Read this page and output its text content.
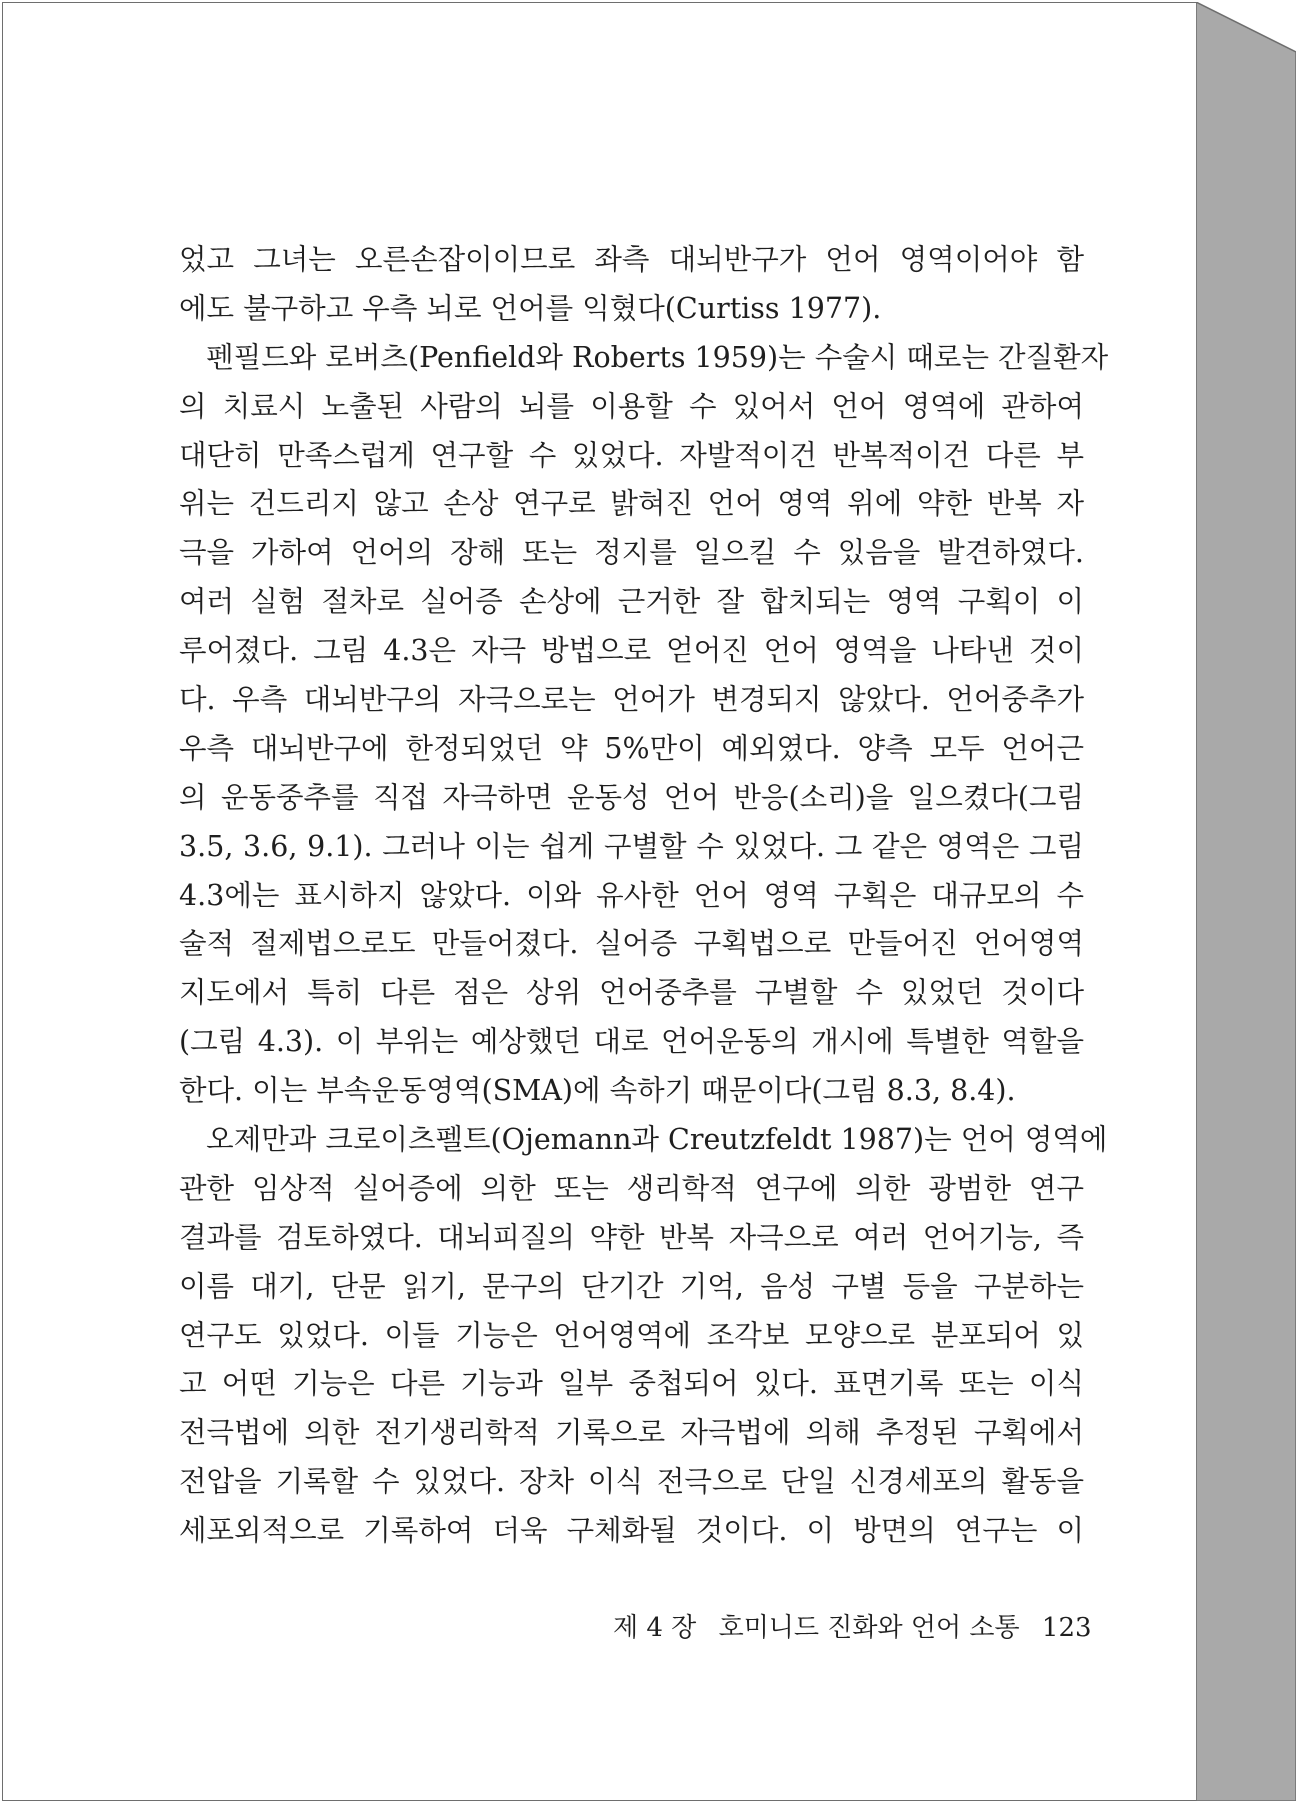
었고 그녀는 오른손잡이이므로 좌측 대뇌반구가 언어 영역이어야 함
에도 불구하고 우측 뇌로 언어를 익혔다(Curtiss 1977).
펜필드와 로버츠(Penfield와 Roberts 1959)는 수술시 때로는 간질환자
의 치료시 노출된 사람의 뇌를 이용할 수 있어서 언어 영역에 관하여
대단히 만족스럽게 연구할 수 있었다. 자발적이건 반복적이건 다른 부
위는 건드리지 않고 손상 연구로 밝혀진 언어 영역 위에 약한 반복 자
극을 가하여 언어의 장해 또는 정지를 일으킬 수 있음을 발견하였다.
여러 실험 절차로 실어증 손상에 근거한 잘 합치되는 영역 구획이 이
루어졌다. 그림 4.3은 자극 방법으로 얻어진 언어 영역을 나타낸 것이
다. 우측 대뇌반구의 자극으로는 언어가 변경되지 않았다. 언어중추가
우측 대뇌반구에 한정되었던 약 5%만이 예외였다. 양측 모두 언어근
의 운동중추를 직접 자극하면 운동성 언어 반응(소리)을 일으켰다(그림
3.5, 3.6, 9.1). 그러나 이는 쉽게 구별할 수 있었다. 그 같은 영역은 그림
4.3에는 표시하지 않았다. 이와 유사한 언어 영역 구획은 대규모의 수
술적 절제법으로도 만들어졌다. 실어증 구획법으로 만들어진 언어영역
지도에서 특히 다른 점은 상위 언어중추를 구별할 수 있었던 것이다
(그림 4.3). 이 부위는 예상했던 대로 언어운동의 개시에 특별한 역할을
한다. 이는 부속운동영역(SMA)에 속하기 때문이다(그림 8.3, 8.4).
오제만과 크로이츠펠트(Ojemann과 Creutzfeldt 1987)는 언어 영역에
관한 임상적 실어증에 의한 또는 생리학적 연구에 의한 광범한 연구
결과를 검토하였다. 대뇌피질의 약한 반복 자극으로 여러 언어기능, 즉
이름 대기, 단문 읽기, 문구의 단기간 기억, 음성 구별 등을 구분하는
연구도 있었다. 이들 기능은 언어영역에 조각보 모양으로 분포되어 있
고 어떤 기능은 다른 기능과 일부 중첩되어 있다. 표면기록 또는 이식
전극법에 의한 전기생리학적 기록으로 자극법에 의해 추정된 구획에서
전압을 기록할 수 있었다. 장차 이식 전극으로 단일 신경세포의 활동을
세포외적으로 기록하여 더욱 구체화될 것이다. 이 방면의 연구는 이
제 4 장 호미니드 진화와 언어 소통 123
